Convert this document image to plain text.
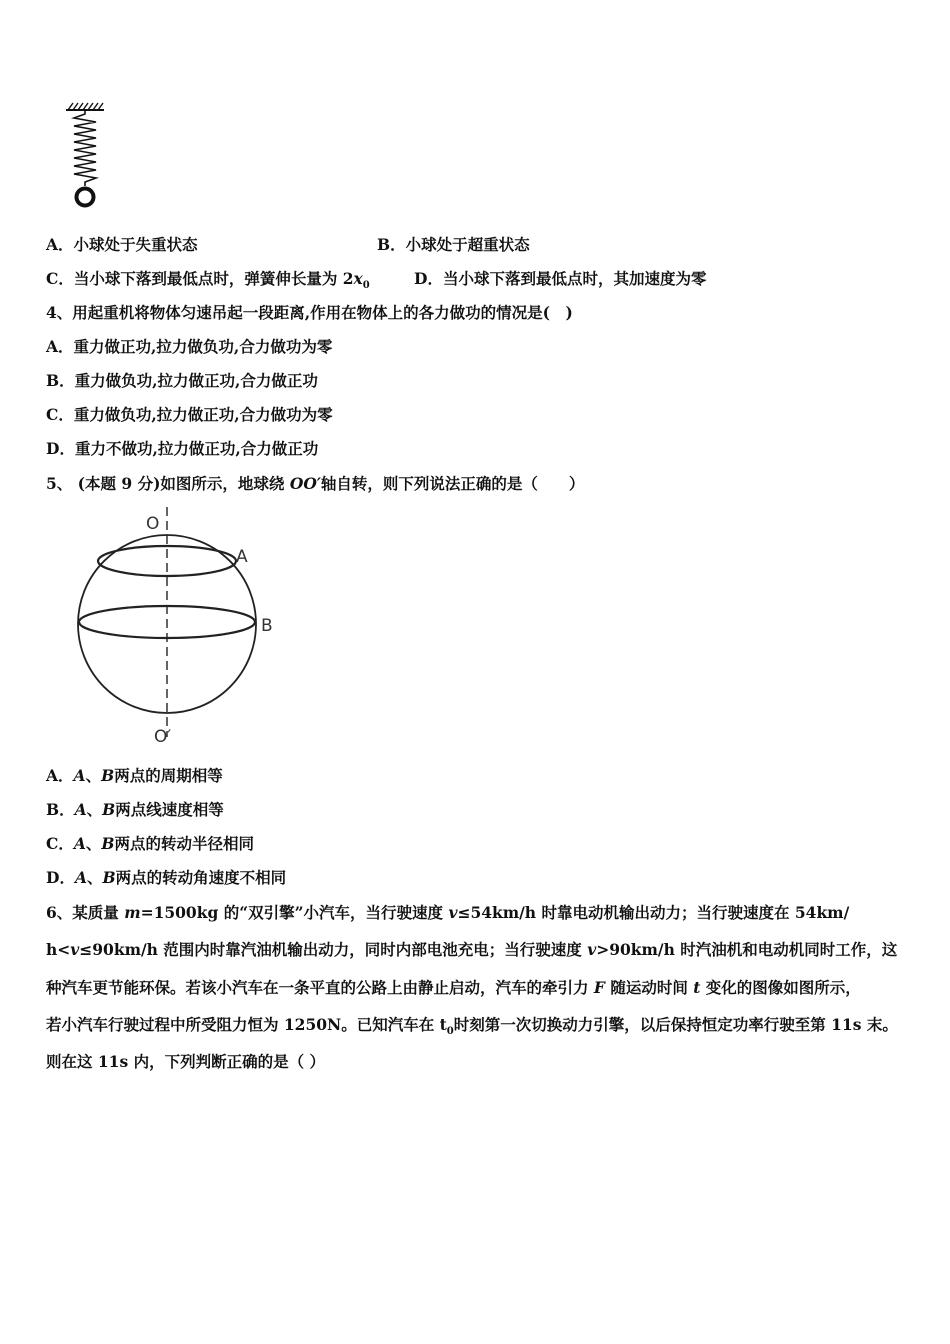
A．小球处于失重状态	B．小球处于超重状态
C．当小球下落到最低点时，弹簧伸长量为 $2x_0$	D．当小球下落到最低点时，其加速度为零
4、用起重机将物体匀速吊起一段距离,作用在物体上的各力做功的情况是(　)
A．重力做正功,拉力做负功,合力做功为零
B．重力做负功,拉力做正功,合力做正功
C．重力做负功,拉力做正功,合力做功为零
D．重力不做功,拉力做正功,合力做正功
5、 (本题 9 分)如图所示，地球绕 OO′轴自转，则下列说法正确的是（　　）
O
A
B
O′
A．A、B两点的周期相等
B．A、B两点线速度相等
C．A、B两点的转动半径相同
D．A、B两点的转动角速度不相同
6、某质量 m=1500kg 的“双引擎”小汽车，当行驶速度 v≤54km/h 时靠电动机输出动力；当行驶速度在 54km/
h<v≤90km/h 范围内时靠汽油机输出动力，同时内部电池充电；当行驶速度 v>90km/h 时汽油机和电动机同时工作，这
种汽车更节能环保。若该小汽车在一条平直的公路上由静止启动，汽车的牵引力 F 随运动时间 t 变化的图像如图所示，
若小汽车行驶过程中所受阻力恒为 1250N。已知汽车在 $t_0$时刻第一次切换动力引擎，以后保持恒定功率行驶至第 11s 末。
则在这 11s 内，下列判断正确的是（ ）
